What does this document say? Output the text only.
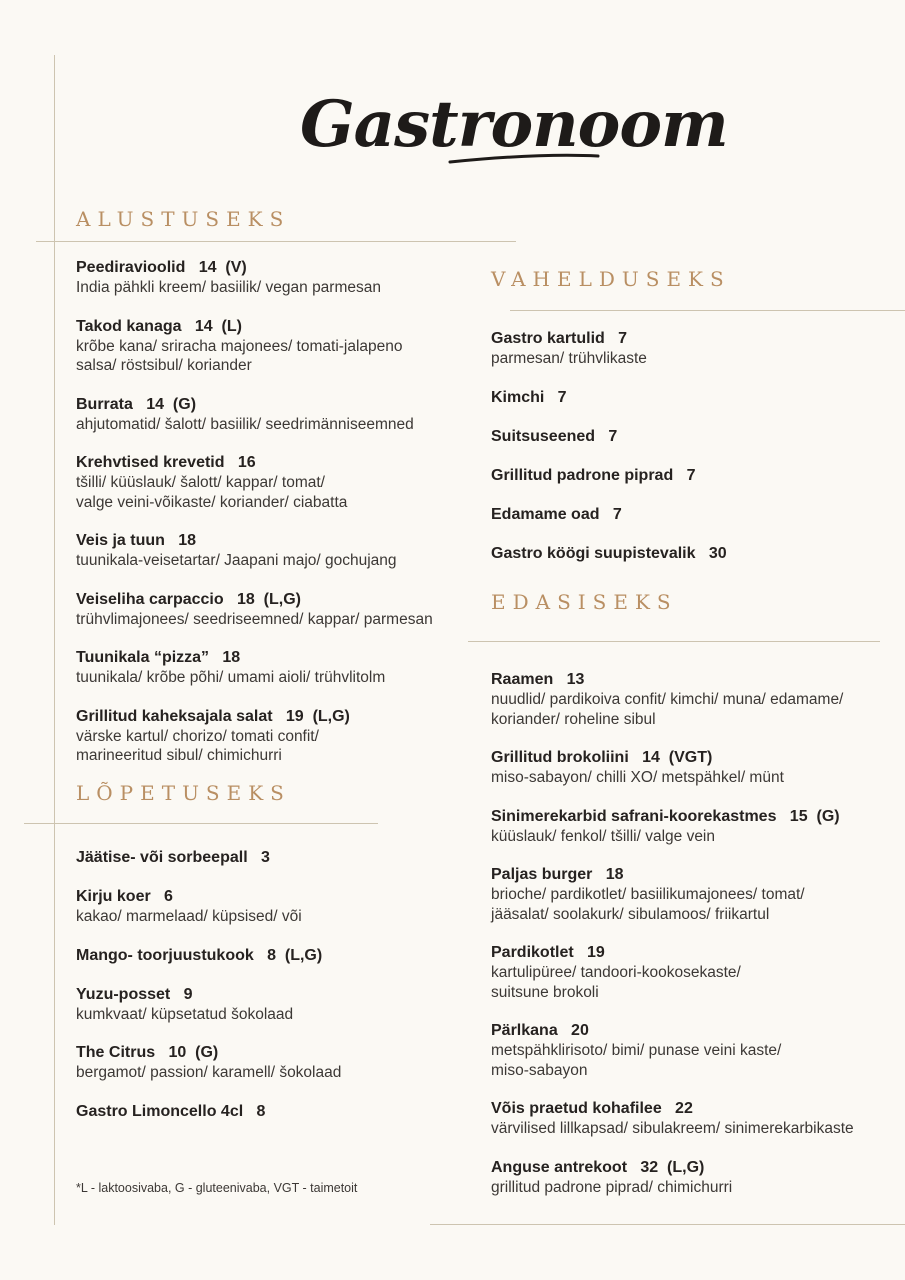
Gastronoom
ALUSTUSEKS
Peediravioolid   14  (V)
India pähkli kreem/ basiilik/ vegan parmesan
Takod kanaga   14  (L)
krõbe kana/ sriracha majonees/ tomati-jalapeno
salsa/ röstsibul/ koriander
Burrata   14  (G)
ahjutomatid/ šalott/ basiilik/ seedrimänniseemned
Krehvtised krevetid   16
tšilli/ küüslauk/ šalott/ kappar/ tomat/
valge veini-võikaste/ koriander/ ciabatta
Veis ja tuun   18
tuunikala-veisetartar/ Jaapani majo/ gochujang
Veiseliha carpaccio   18  (L,G)
trühvlimajonees/ seedriseemned/ kappar/ parmesan
Tuunikala “pizza”   18
tuunikala/ krõbe põhi/ umami aioli/ trühvlitolm
Grillitud kaheksajala salat   19  (L,G)
värske kartul/ chorizo/ tomati confit/
marineeritud sibul/ chimichurri
LÕPETUSEKS
Jäätise- või sorbeepall   3
Kirju koer   6
kakao/ marmelaad/ küpsised/ või
Mango- toorjuustukook   8  (L,G)
Yuzu-posset   9
kumkvaat/ küpsetatud šokolaad
The Citrus   10  (G)
bergamot/ passion/ karamell/ šokolaad
Gastro Limoncello 4cl   8
VAHELDUSEKS
Gastro kartulid   7
parmesan/ trühvlikaste
Kimchi   7
Suitsuseened   7
Grillitud padrone piprad   7
Edamame oad   7
Gastro köögi suupistevalik   30
EDASISEKS
Raamen   13
nuudlid/ pardikoiva confit/ kimchi/ muna/ edamame/
koriander/ roheline sibul
Grillitud brokoliini   14  (VGT)
miso-sabayon/ chilli XO/ metspähkel/ münt
Sinimerekarbid safrani-koorekastmes   15  (G)
küüslauk/ fenkol/ tšilli/ valge vein
Paljas burger   18
brioche/ pardikotlet/ basiilikumajonees/ tomat/
jääsalat/ soolakurk/ sibulamoos/ friikartul
Pardikotlet   19
kartulipüree/ tandoori-kookosekaste/
suitsune brokoli
Pärlkana   20
metspähklirisoto/ bimi/ punase veini kaste/
miso-sabayon
Võis praetud kohafilee   22
värvilised lillkapsad/ sibulakreem/ sinimerekarbikaste
Anguse antrekoot   32  (L,G)
grillitud padrone piprad/ chimichurri
*L - laktoosivaba, G - gluteenivaba, VGT - taimetoit
